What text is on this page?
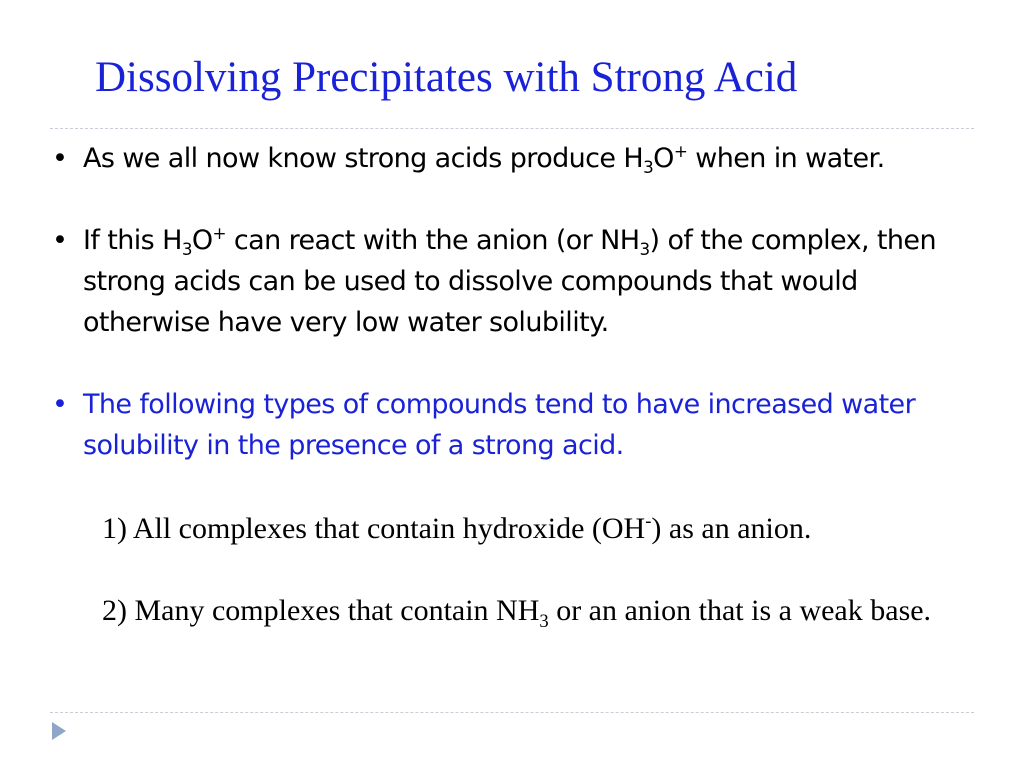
Dissolving Precipitates with Strong Acid

• As we all now know strong acids produce $H_3O^+$ when in water.

• If this $H_3O^+$ can react with the anion (or $NH_3$) of the complex, then strong acids can be used to dissolve compounds that would otherwise have very low water solubility.

• The following types of compounds tend to have increased water solubility in the presence of a strong acid.

1) All complexes that contain hydroxide (OH-) as an anion.

2) Many complexes that contain $NH_3$ or an anion that is a weak base.
